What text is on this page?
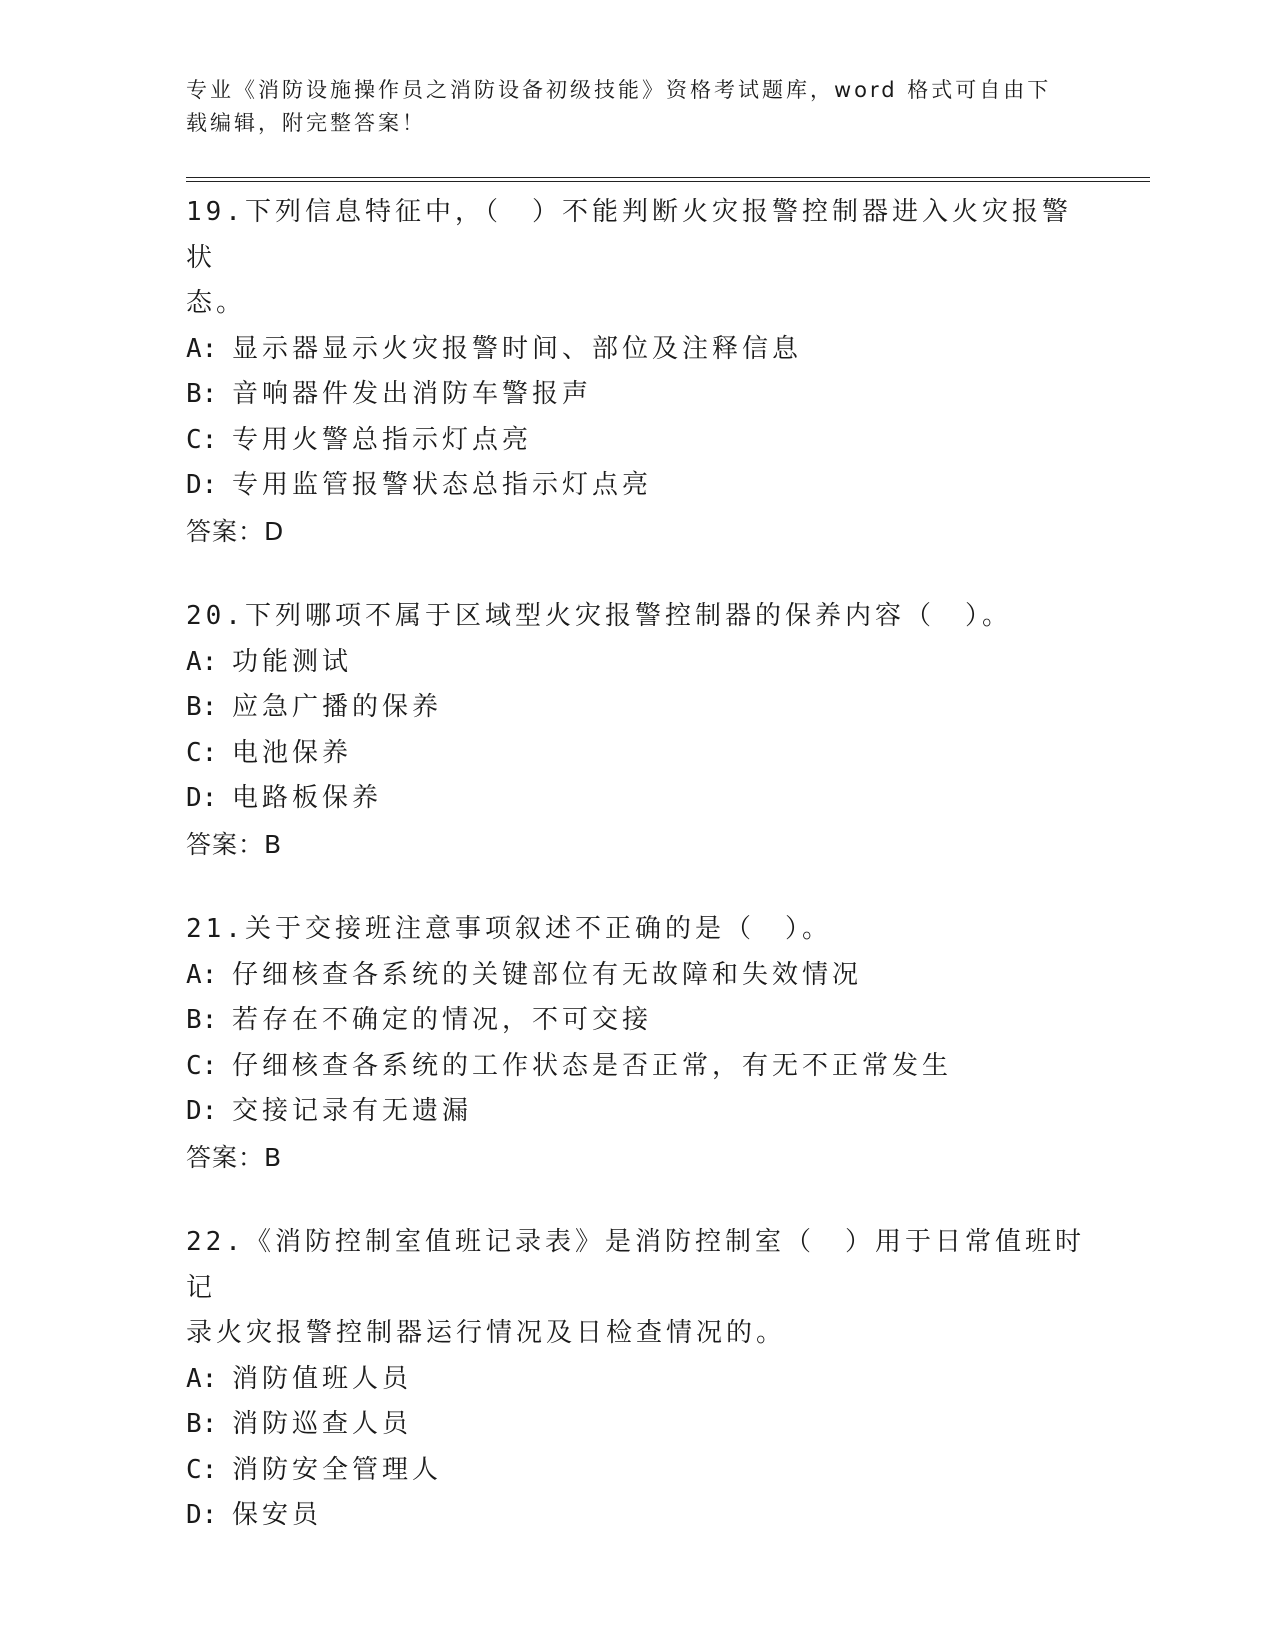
专业《消防设施操作员之消防设备初级技能》资格考试题库，word 格式可自由下
载编辑，附完整答案！
19.下列信息特征中，（　）不能判断火灾报警控制器进入火灾报警状
态。
A: 显示器显示火灾报警时间、部位及注释信息
B: 音响器件发出消防车警报声
C: 专用火警总指示灯点亮
D: 专用监管报警状态总指示灯点亮
答案：D
20.下列哪项不属于区域型火灾报警控制器的保养内容（　）。
A: 功能测试
B: 应急广播的保养
C: 电池保养
D: 电路板保养
答案：B
21.关于交接班注意事项叙述不正确的是（　）。
A: 仔细核查各系统的关键部位有无故障和失效情况
B: 若存在不确定的情况，不可交接
C: 仔细核查各系统的工作状态是否正常，有无不正常发生
D: 交接记录有无遗漏
答案：B
22.《消防控制室值班记录表》是消防控制室（　）用于日常值班时记
录火灾报警控制器运行情况及日检查情况的。
A: 消防值班人员
B: 消防巡查人员
C: 消防安全管理人
D: 保安员
